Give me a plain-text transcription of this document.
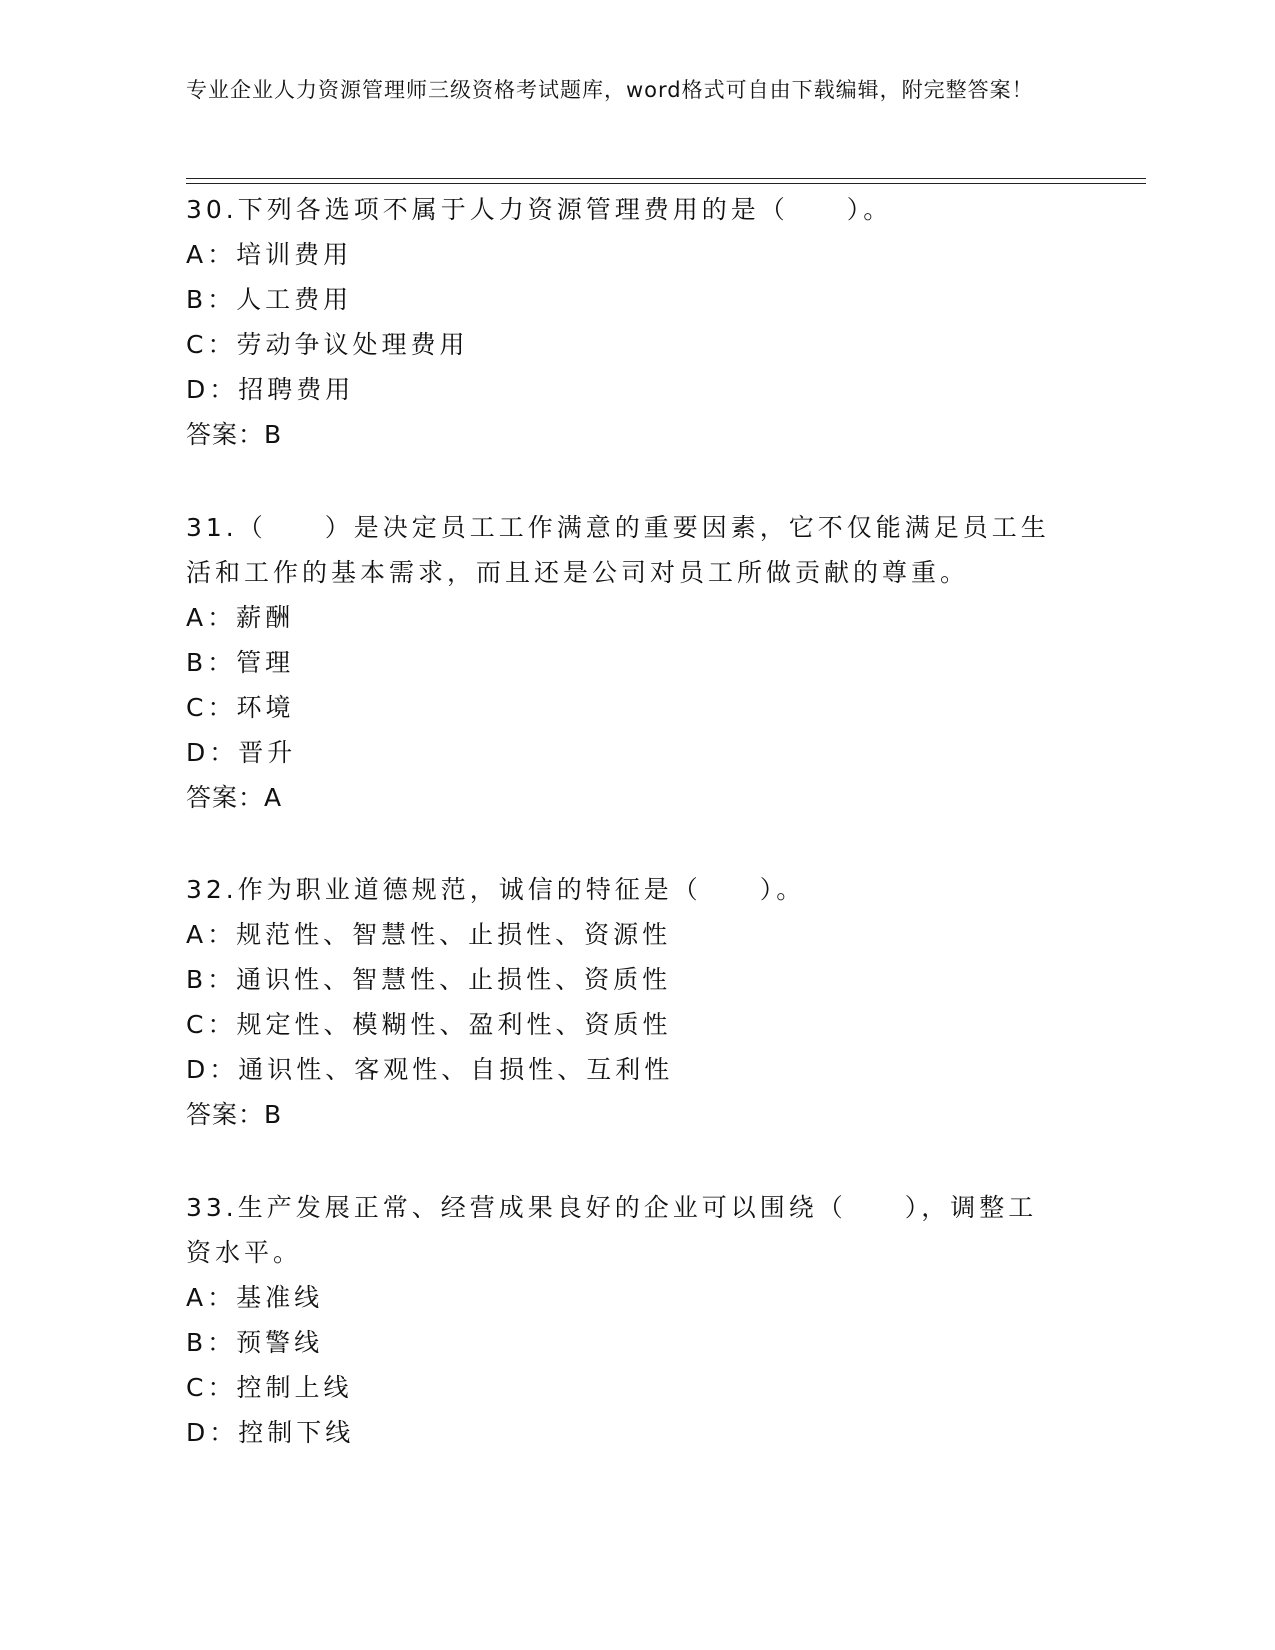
专业企业人力资源管理师三级资格考试题库，word格式可自由下载编辑，附完整答案！

30.下列各选项不属于人力资源管理费用的是（　　）。

A：培训费用

B：人工费用

C：劳动争议处理费用

D：招聘费用

答案：B

31.（　　）是决定员工工作满意的重要因素，它不仅能满足员工生活和工作的基本需求，而且还是公司对员工所做贡献的尊重。

A：薪酬

B：管理

C：环境

D：晋升

答案：A

32.作为职业道德规范，诚信的特征是（　　）。

A：规范性、智慧性、止损性、资源性

B：通识性、智慧性、止损性、资质性

C：规定性、模糊性、盈利性、资质性

D：通识性、客观性、自损性、互利性

答案：B

33.生产发展正常、经营成果良好的企业可以围绕（　　），调整工资水平。

A：基准线

B：预警线

C：控制上线

D：控制下线
